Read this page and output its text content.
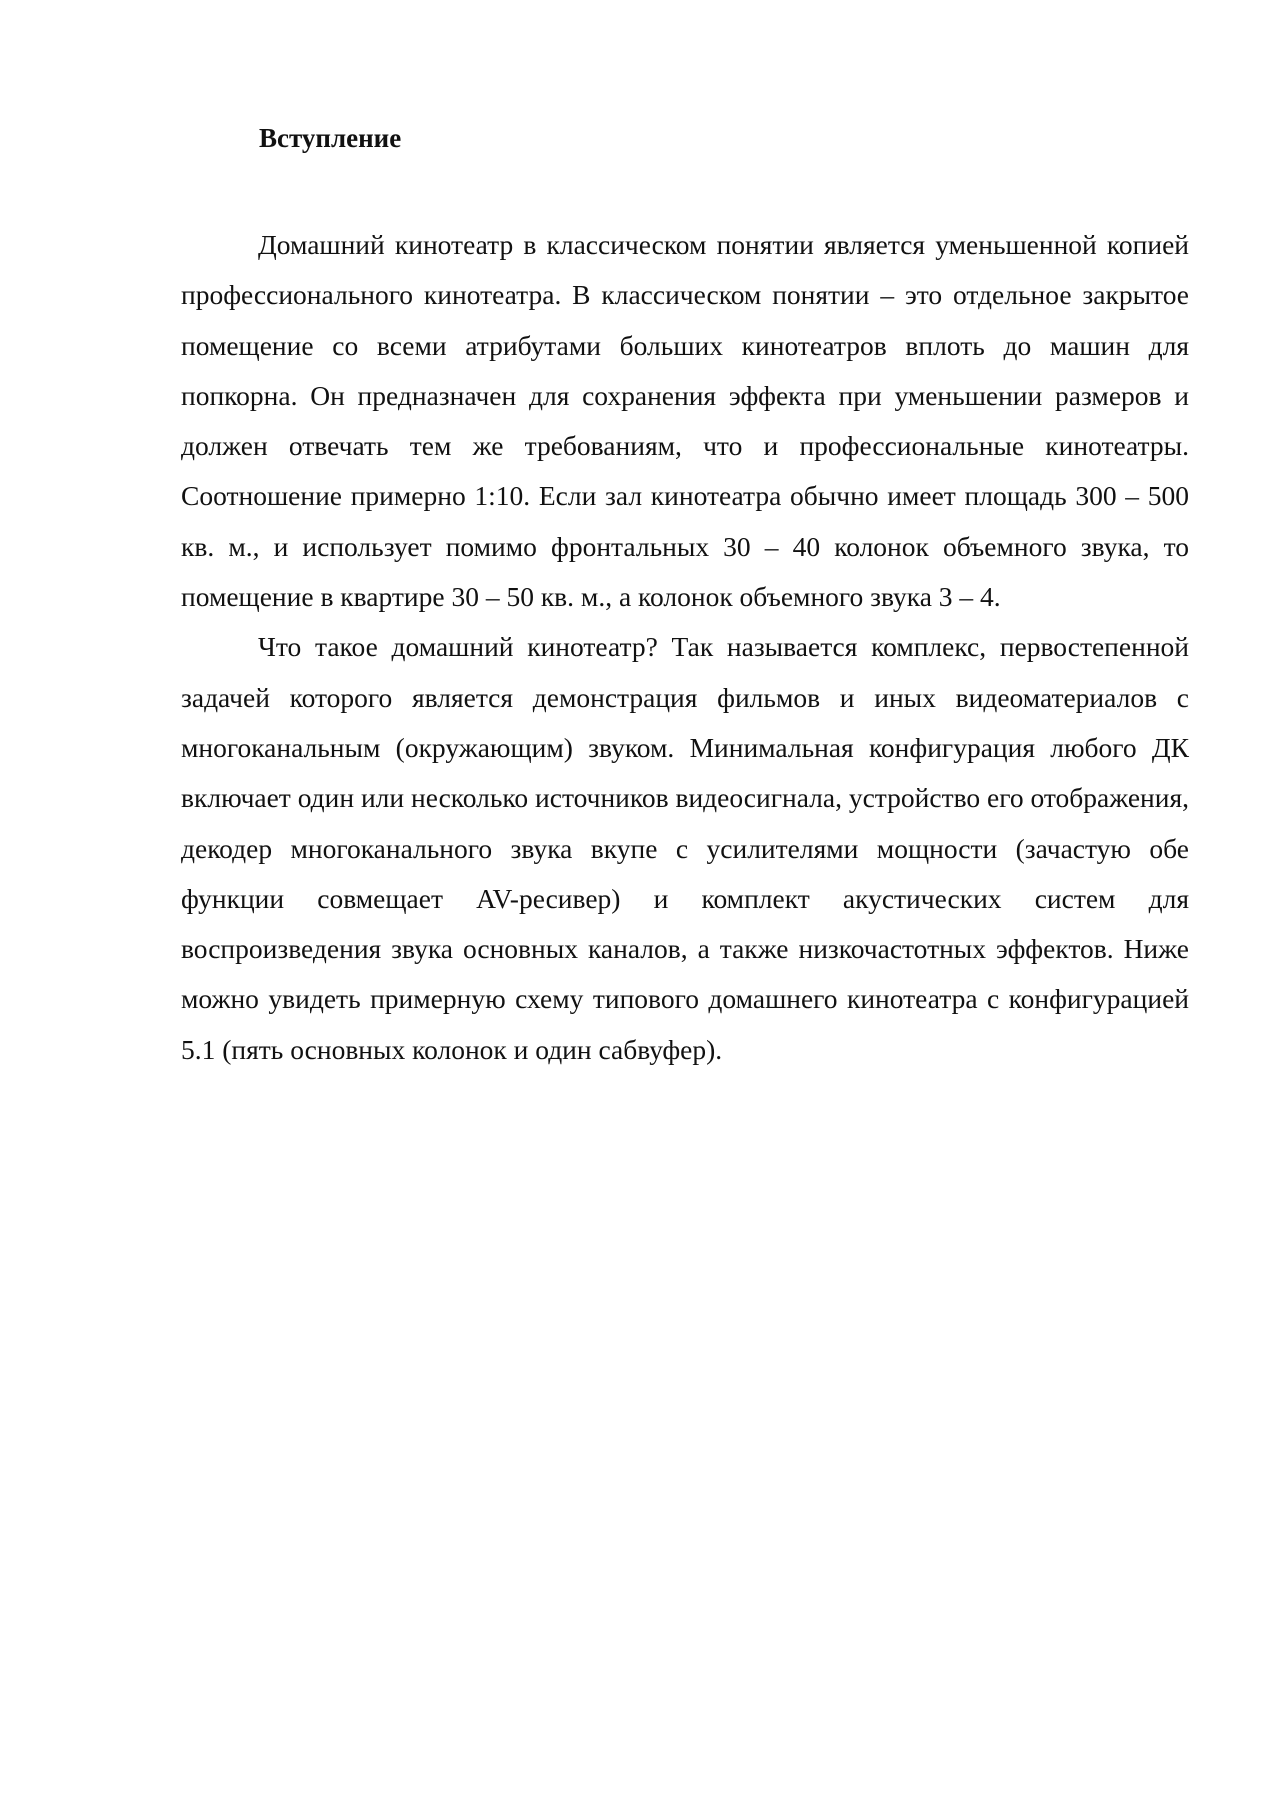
Вступление

Домашний кинотеатр в классическом понятии является уменьшенной копией профессионального кинотеатра. В классическом понятии – это отдельное закрытое помещение со всеми атрибутами больших кинотеатров вплоть до машин для попкорна. Он предназначен для сохранения эффекта при уменьшении размеров и должен отвечать тем же требованиям, что и профессиональные кинотеатры. Соотношение примерно 1:10. Если зал кинотеатра обычно имеет площадь 300 – 500 кв. м., и использует помимо фронтальных 30 – 40 колонок объемного звука, то помещение в квартире 30 – 50 кв. м., а колонок объемного звука 3 – 4.

Что такое домашний кинотеатр? Так называется комплекс, первостепенной задачей которого является демонстрация фильмов и иных видеоматериалов с многоканальным (окружающим) звуком. Минимальная конфигурация любого ДК включает один или несколько источников видеосигнала, устройство его отображения, декодер многоканального звука вкупе с усилителями мощности (зачастую обе функции совмещает AV-ресивер) и комплект акустических систем для воспроизведения звука основных каналов, а также низкочастотных эффектов. Ниже можно увидеть примерную схему типового домашнего кинотеатра с конфигурацией 5.1 (пять основных колонок и один сабвуфер).
